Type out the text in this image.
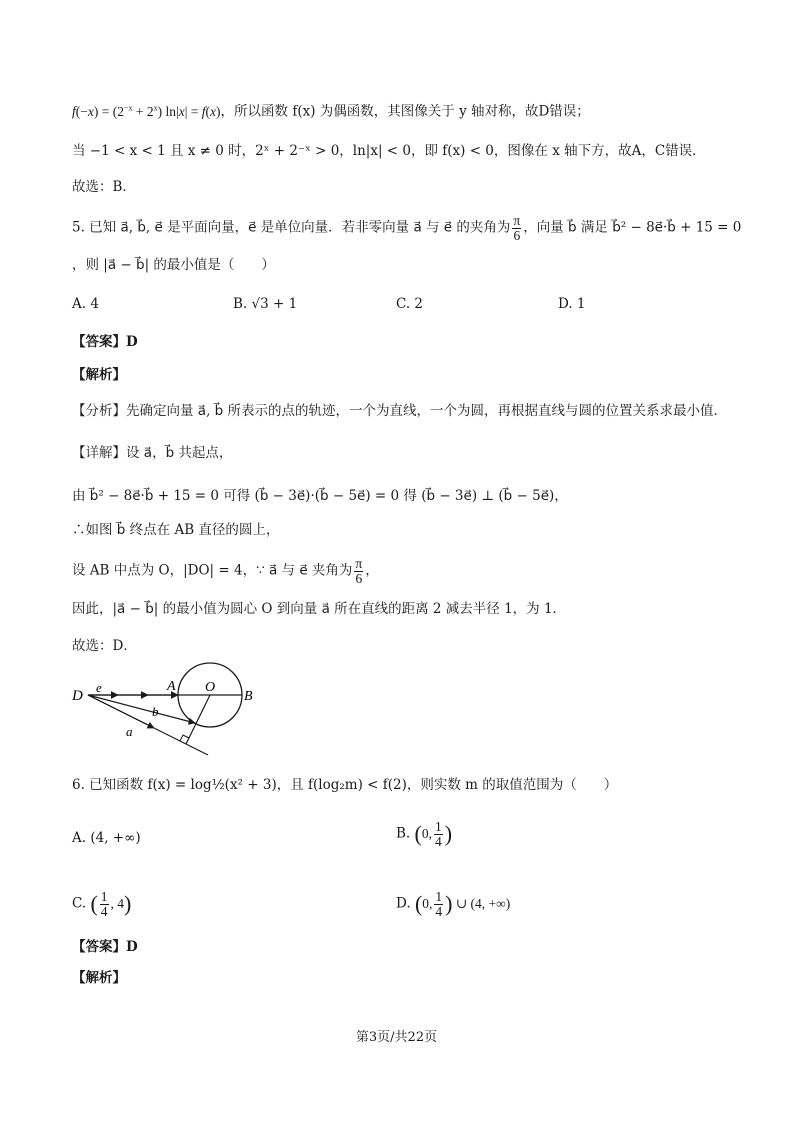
$f(-x) = (2^{-x} + 2^x) \ln|x| = f(x)$，所以函数 f(x) 为偶函数，其图像关于 y 轴对称，故D错误；
当 −1 < x < 1 且 x ≠ 0 时，2ˣ + 2⁻ˣ > 0，ln|x| < 0，即 f(x) < 0，图像在 x 轴下方，故A，C错误．
故选：B．
5. 已知 a⃗, b⃗, e⃗ 是平面向量，e⃗ 是单位向量．若非零向量 a⃗ 与 e⃗ 的夹角为 $\frac{\pi}{6}$ ，向量 b⃗ 满足 b⃗² − 8e⃗·b⃗ + 15 = 0
，则 |a⃗ − b⃗| 的最小值是（　　）
A. 4	B. √3 + 1	C. 2	D. 1
【答案】D
【解析】
【分析】先确定向量 a⃗, b⃗ 所表示的点的轨迹，一个为直线，一个为圆，再根据直线与圆的位置关系求最小值．
【详解】设 a⃗，b⃗ 共起点，
由 b⃗² − 8e⃗·b⃗ + 15 = 0 可得 (b⃗ − 3e⃗)·(b⃗ − 5e⃗) = 0 得 (b⃗ − 3e⃗) ⊥ (b⃗ − 5e⃗)，
∴如图 b⃗ 终点在 AB 直径的圆上，
设 AB 中点为 O，|DO| = 4，∵ a⃗ 与 e⃗ 夹角为 $\frac{\pi}{6}$ ，
因此，|a⃗ − b⃗| 的最小值为圆心 O 到向量 a⃗ 所在直线的距离 2 减去半径 1，为 1．
故选：D．
D
e⃗	A O
B
b⃗
a⃗
6. 已知函数 f(x) = log½(x² + 3)，且 f(log₂m) < f(2)，则实数 m 的取值范围为（　　）
A. (4, +∞)	B. (0, $\frac{1}{4}$ )
C. ( $\frac{1}{4}$ , 4)	D. (0, $\frac{1}{4}$ ) ∪ (4, +∞)
【答案】D
【解析】
第3页/共22页
